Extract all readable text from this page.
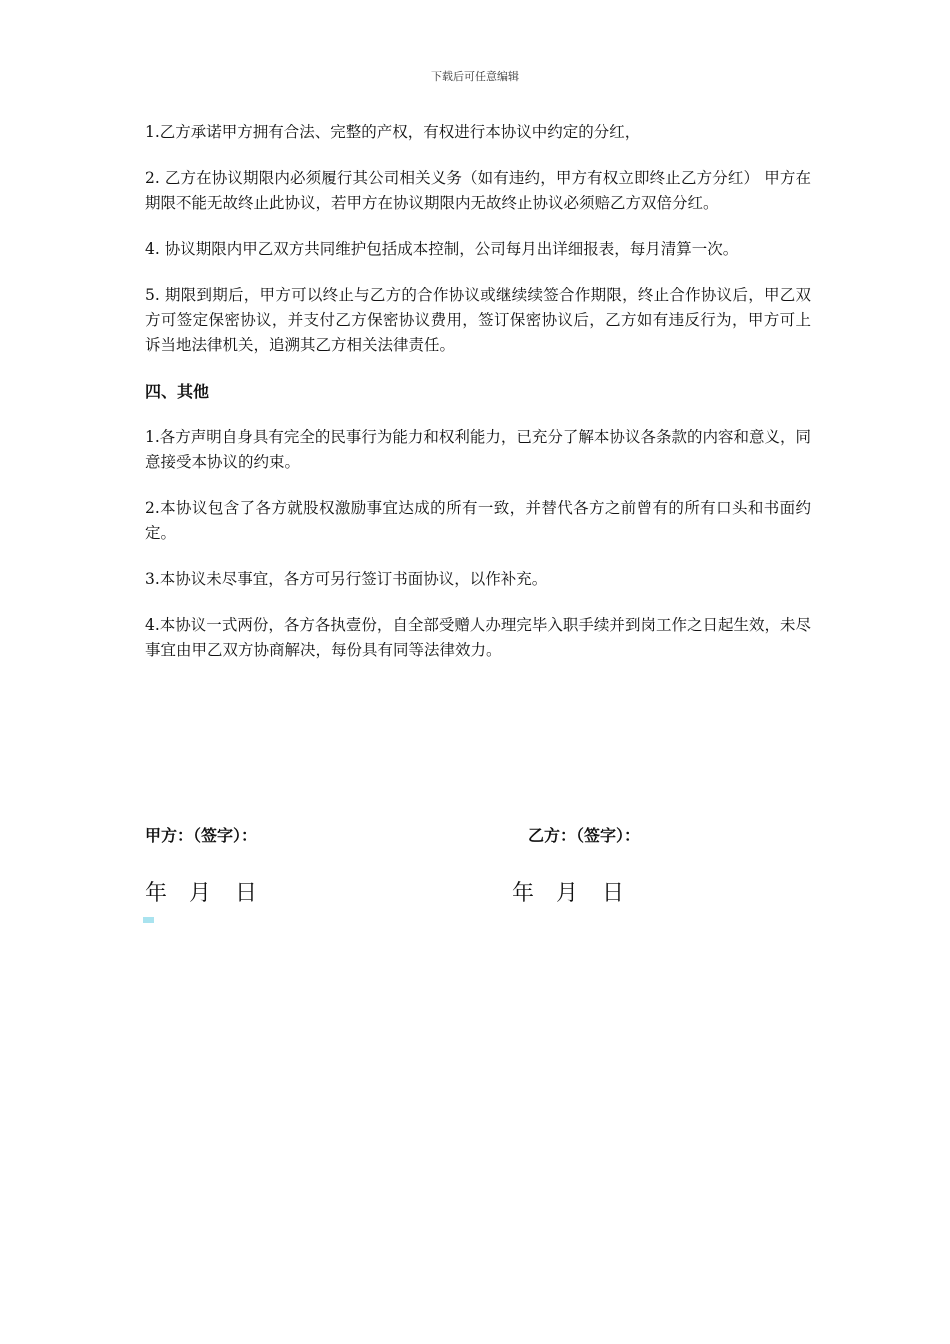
下载后可任意编辑

1.乙方承诺甲方拥有合法、完整的产权，有权进行本协议中约定的分红，

2. 乙方在协议期限内必须履行其公司相关义务（如有违约，甲方有权立即终止乙方分红） 甲方在期限不能无故终止此协议，若甲方在协议期限内无故终止协议必须赔乙方双倍分红。

4. 协议期限内甲乙双方共同维护包括成本控制，公司每月出详细报表，每月清算一次。

5. 期限到期后，甲方可以终止与乙方的合作协议或继续续签合作期限，终止合作协议后，甲乙双方可签定保密协议，并支付乙方保密协议费用，签订保密协议后，乙方如有违反行为，甲方可上诉当地法律机关，追溯其乙方相关法律责任。

四、其他

1.各方声明自身具有完全的民事行为能力和权利能力，已充分了解本协议各条款的内容和意义，同意接受本协议的约束。

2.本协议包含了各方就股权激励事宜达成的所有一致，并替代各方之前曾有的所有口头和书面约定。

3.本协议未尽事宜，各方可另行签订书面协议，以作补充。

4.本协议一式两份，各方各执壹份，自全部受赠人办理完毕入职手续并到岗工作之日起生效，未尽事宜由甲乙双方协商解决，每份具有同等法律效力。

甲方：（签字）：	乙方：（签字）：
年 月 日	年 月 日
